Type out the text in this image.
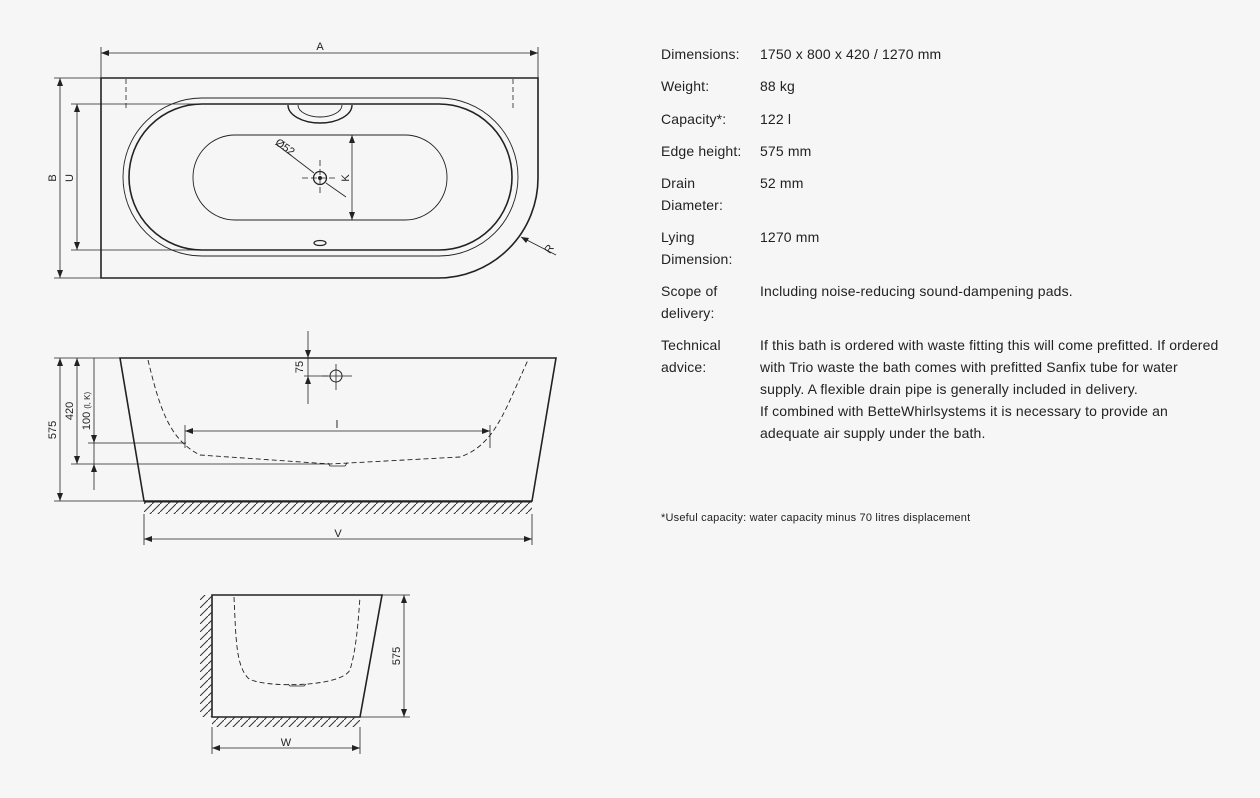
A
B U
Ø52
K
R
575
420
100(l, K)
75
l
V
575
W
Dimensions:	1750 x 800 x 420 / 1270 mm
Weight:	88 kg
Capacity*:	122 l
Edge height:	575 mm
Drain Diameter:
52 mm
Lying Dimension:
1270 mm
Scope of delivery:
Including noise-reducing sound-dampening pads.
Technical advice:

If this bath is ordered with waste fitting this will come prefitted. If ordered with Trio waste the bath comes with prefitted Sanfix tube for water supply. A flexible drain pipe is generally included in delivery.

If combined with BetteWhirlsystems it is necessary to provide an adequate air supply under the bath.

*Useful capacity: water capacity minus 70 litres displacement
